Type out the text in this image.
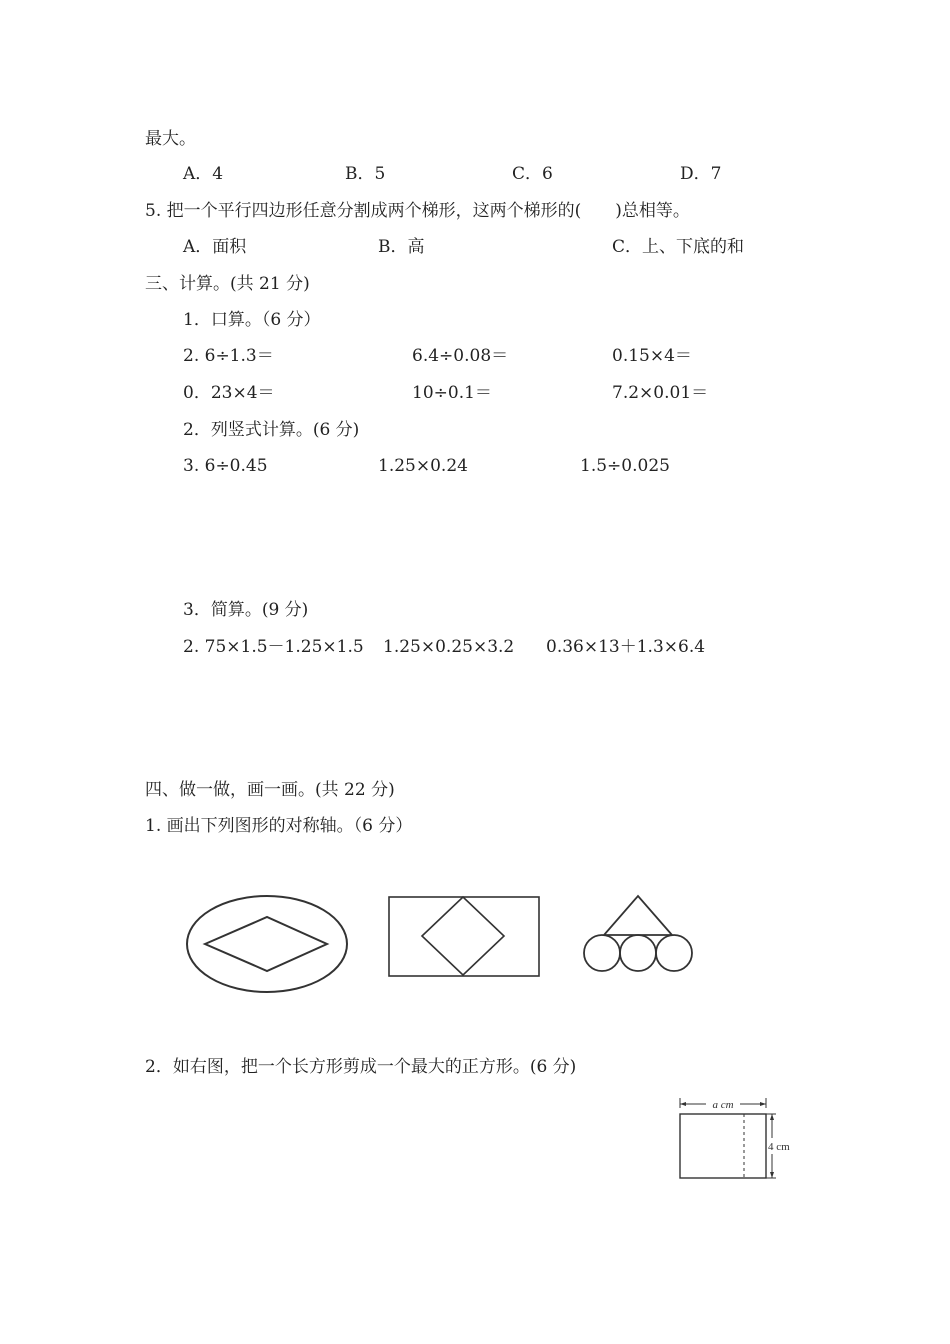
最大。
A．4	B．5	C．6	D．7
5. 把一个平行四边形任意分割成两个梯形，这两个梯形的(　　)总相等。
A．面积	B．高	C．上、下底的和
三、计算。(共 21 分)
1．口算。（6 分）
2. 6÷1.3＝	6.4÷0.08＝	0.15×4＝
0．23×4＝	10÷0.1＝	7.2×0.01＝
2．列竖式计算。(6 分)
3. 6÷0.45	1.25×0.24	1.5÷0.025
3．简算。(9 分)
2. 75×1.5－1.25×1.5 1.25×0.25×3.2 0.36×13＋1.3×6.4
四、做一做，画一画。(共 22 分)
1. 画出下列图形的对称轴。（6 分）
2．如右图，把一个长方形剪成一个最大的正方形。(6 分)
a cm
4 cm
